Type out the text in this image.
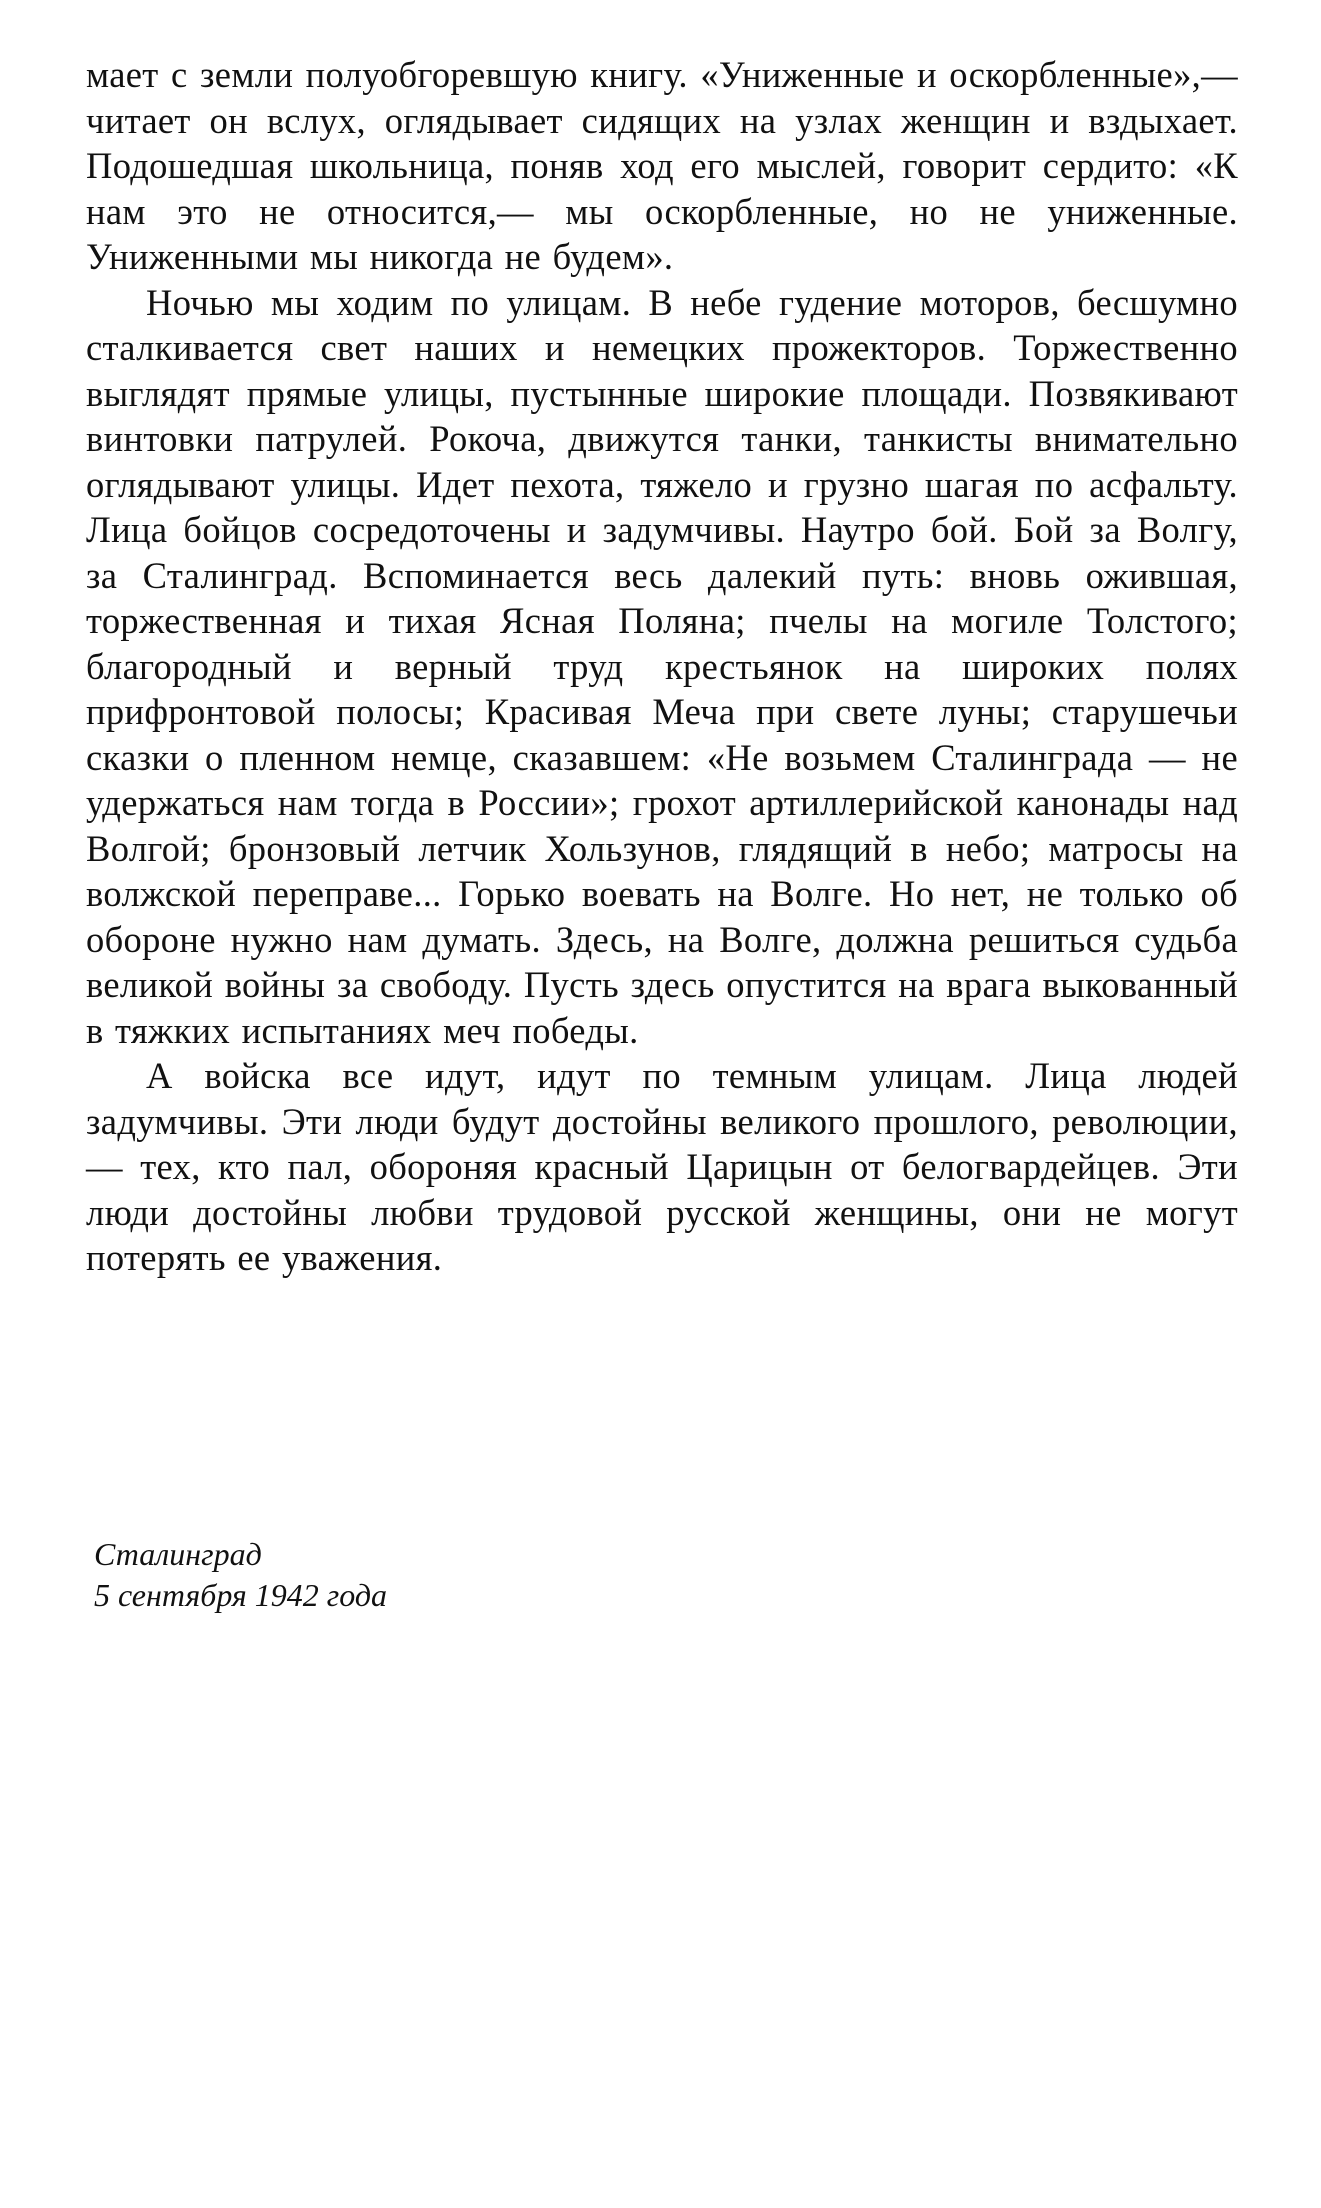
мает с земли полуобгоревшую книгу. «Униженные и оскорбленные»,— читает он вслух, оглядывает сидящих на узлах женщин и вздыхает. Подошедшая школьница, поняв ход его мыслей, говорит сердито: «К нам это не относится,— мы оскорбленные, но не униженные. Униженными мы никогда не будем».

Ночью мы ходим по улицам. В небе гудение моторов, бесшумно сталкивается свет наших и немецких прожекторов. Торжественно выглядят прямые улицы, пустынные широкие площади. Позвякивают винтовки патрулей. Рокоча, движутся танки, танкисты внимательно оглядывают улицы. Идет пехота, тяжело и грузно шагая по асфальту. Лица бойцов сосредоточены и задумчивы. Наутро бой. Бой за Волгу, за Сталинград. Вспоминается весь далекий путь: вновь ожившая, торжественная и тихая Ясная Поляна; пчелы на могиле Толстого; благородный и верный труд крестьянок на широких полях прифронтовой полосы; Красивая Меча при свете луны; старушечьи сказки о пленном немце, сказавшем: «Не возьмем Сталинграда — не удержаться нам тогда в России»; грохот артиллерийской канонады над Волгой; бронзовый летчик Хользунов, глядящий в небо; матросы на волжской переправе... Горько воевать на Волге. Но нет, не только об обороне нужно нам думать. Здесь, на Волге, должна решиться судьба великой войны за свободу. Пусть здесь опустится на врага выкованный в тяжких испытаниях меч победы.

А войска все идут, идут по темным улицам. Лица людей задумчивы. Эти люди будут достойны великого прошлого, революции,— тех, кто пал, обороняя красный Царицын от белогвардейцев. Эти люди достойны любви трудовой русской женщины, они не могут потерять ее уважения.

Сталинград
5 сентября 1942 года
